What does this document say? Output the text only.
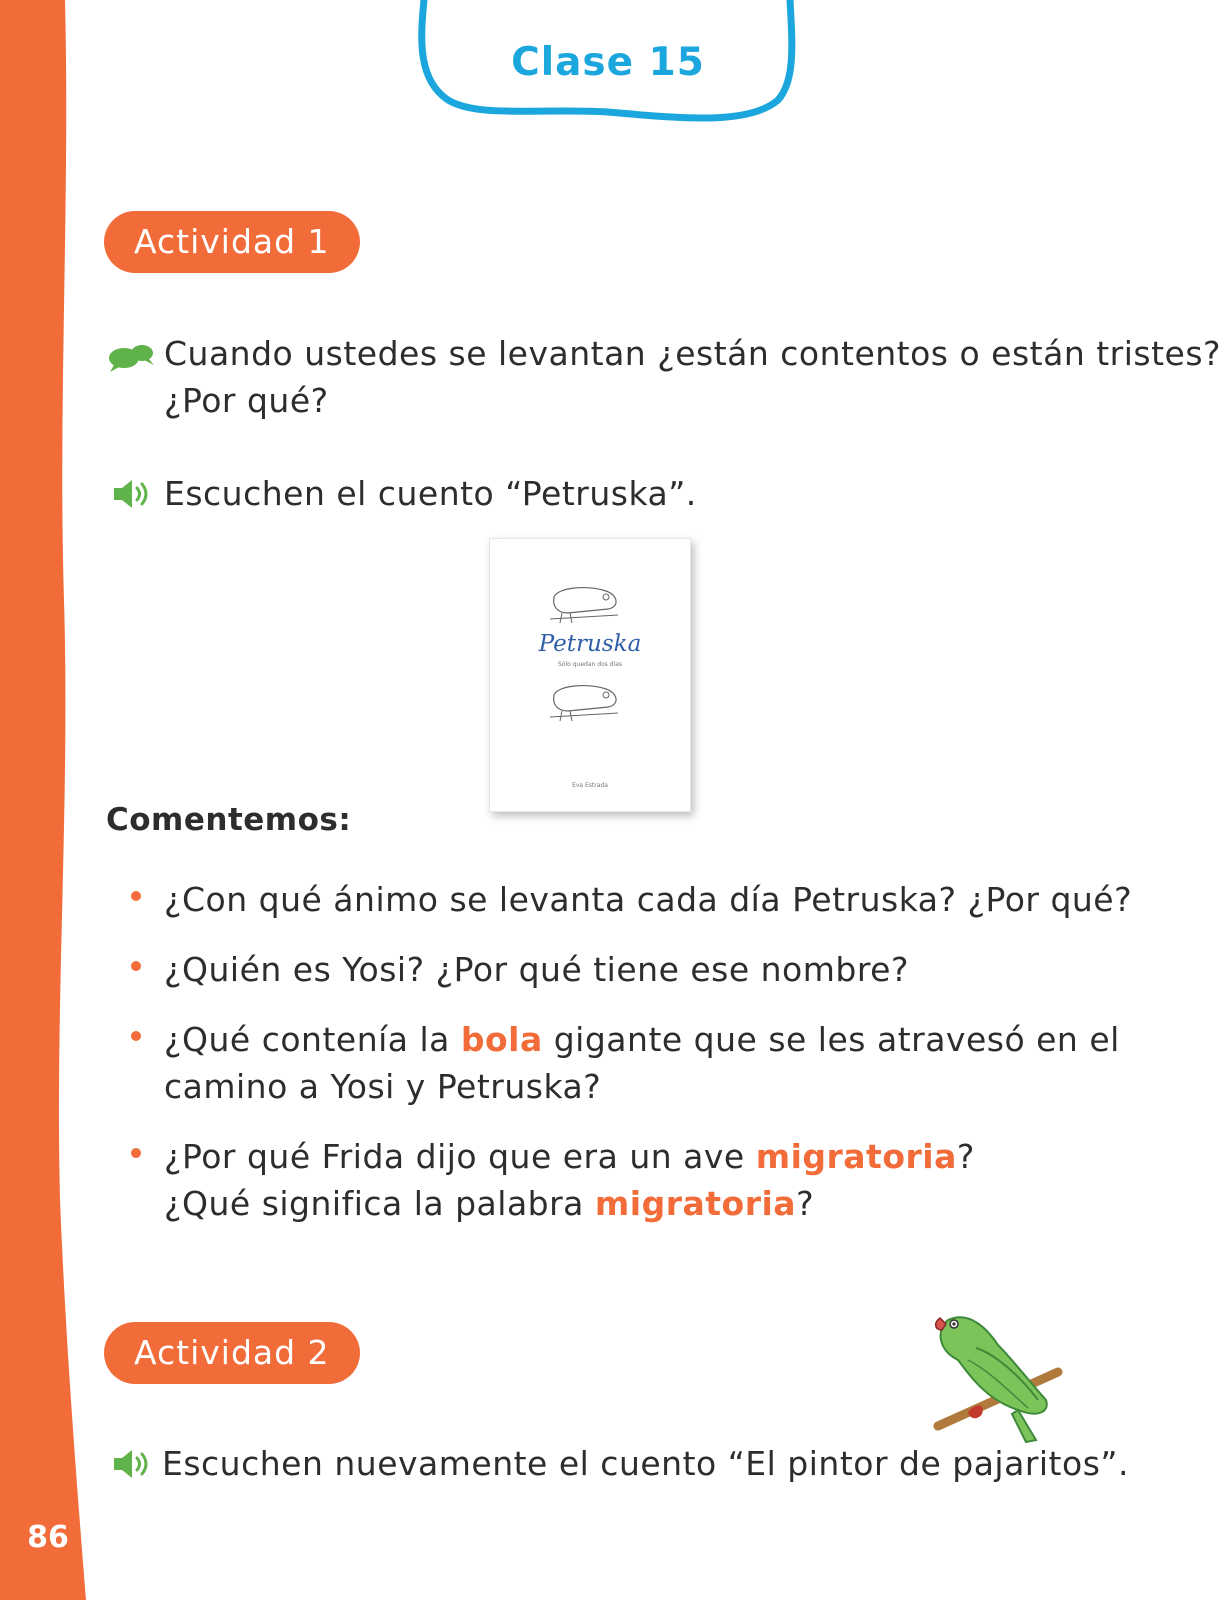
86
Clase 15
Actividad 1
Cuando ustedes se levantan ¿están contentos o están tristes?
¿Por qué?
Escuchen el cuento “Petruska”.
Petruska
Sólo quedan dos días
Eva Estrada
Comentemos:
¿Con qué ánimo se levanta cada día Petruska? ¿Por qué?
¿Quién es Yosi? ¿Por qué tiene ese nombre?
¿Qué contenía la bola gigante que se les atravesó en el
camino a Yosi y Petruska?
¿Por qué Frida dijo que era un ave migratoria?
¿Qué significa la palabra migratoria?
Actividad 2
Escuchen nuevamente el cuento “El pintor de pajaritos”.
